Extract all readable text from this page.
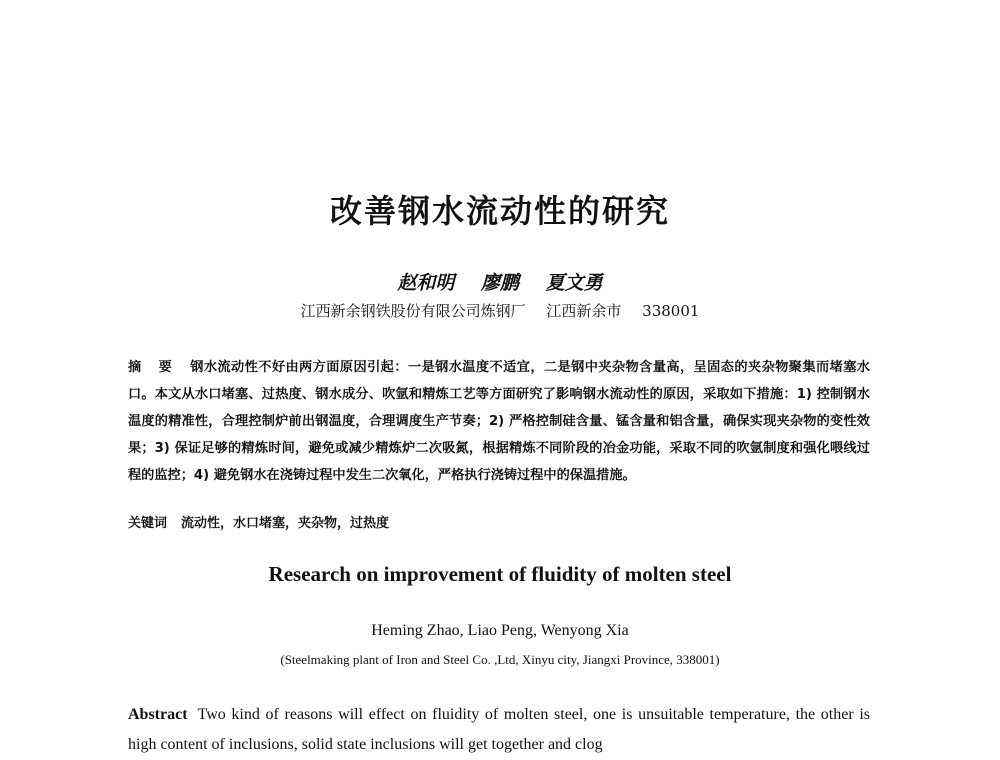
改善钢水流动性的研究

赵和明 廖鹏 夏文勇

江西新余钢铁股份有限公司炼钢厂 江西新余市 338001

摘 要 钢水流动性不好由两方面原因引起：一是钢水温度不适宜，二是钢中夹杂物含量高，呈固态的夹杂物聚集而堵塞水口。本文从水口堵塞、过热度、钢水成分、吹氩和精炼工艺等方面研究了影响钢水流动性的原因，采取如下措施：1) 控制钢水温度的精准性，合理控制炉前出钢温度，合理调度生产节奏；2) 严格控制硅含量、锰含量和铝含量，确保实现夹杂物的变性效果；3) 保证足够的精炼时间，避免或减少精炼炉二次吸氮，根据精炼不同阶段的冶金功能，采取不同的吹氩制度和强化喂线过程的监控；4) 避免钢水在浇铸过程中发生二次氧化，严格执行浇铸过程中的保温措施。

关键词 流动性，水口堵塞，夹杂物，过热度

Research on improvement of fluidity of molten steel

Heming Zhao, Liao Peng, Wenyong Xia

(Steelmaking plant of Iron and Steel Co. ,Ltd, Xinyu city, Jiangxi Province, 338001)

Abstract Two kind of reasons will effect on fluidity of molten steel, one is unsuitable temperature, the other is high content of inclusions, solid state inclusions will get together and clog
